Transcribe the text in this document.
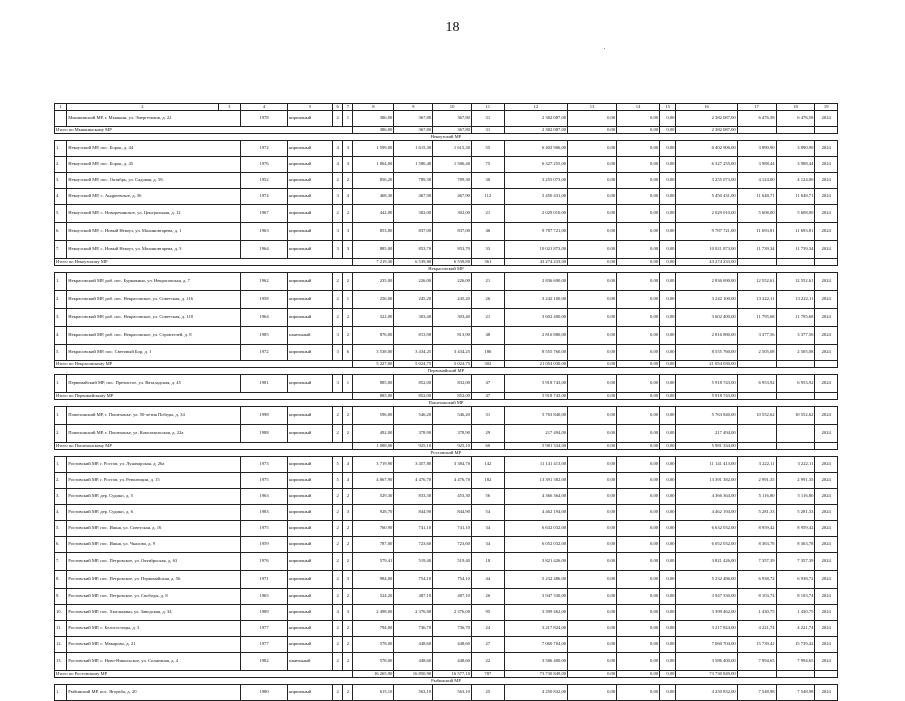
18
1	2	3	4	5	6	7	8	9	10	11	12	13	14	15	16	17	18	19
	Мышкинский МР, г. Мышкин, ул. Энергетиков, д. 22		1978	кирпичный	2	1	386,00	367,80	367,80	31	2 382 087,00	0,00	0,00	0,00	2 382 087,00	6 476,58	6 476,58	2024
Итого по Мышкинскому МР							386,00	367,80	367,80	31	2 382 087,00	0,00	0,00	0,00	2 382 087,00			
Некоузский МР																		
1.	Некоузский МР, пос. Борок, д. 44		1972	кирпичный	4	3	1 599,00	1 615,30	1 615,30	55	6 402 906,00	0,00	0,00	0,00	6 402 906,00	3 890,90	3 890,90	2024
2.	Некоузский МР, пос. Борок, д. 45		1976	кирпичный	4	3	1 864,00	1 586,40	1 586,40	75	6 327 255,00	0,00	0,00	0,00	6 327 255,00	3 988,44	3 988,44	2024
3.	Некоузский МР, пос. Октябрь, ул. Садовая, д. 59,		1952	кирпичный	2	2	856,20	789,30	789,30	30	3 255 073,00	0,00	0,00	0,00	3 255 073,00	4 124,00	4 124,00	2024
4.	Некоузский МР, с. Андреевское, д. 36		1974	кирпичный	3	4	468,30	467,90	467,90	112	5 450 431,00	0,00	0,00	0,00	5 450 431,00	11 648,71	11 648,71	2024
5.	Некоузский МР, с. Новоречинское, ул. Центральная, д. 12		1967	кирпичный	2	2	442,00	302,00	302,00	21	2 029 010,00	0,00	0,00	0,00	2 029 010,00	5 608,00	5 608,00	2024
6.	Некоузский МР, с. Новый Некоуз, ул. Малиновтарева, д. 1		1963	кирпичный	3	3	853,80	837,00	837,00	46	9 787 721,00	0,00	0,00	0,00	9 787 721,00	11 693,81	11 693,81	2024
7.	Некоузский МР, с. Новый Некоуз, ул. Малиновтарева, д. 3		1964	кирпичный	3	3	885,00	853,70	853,70	33	10 021 873,00	0,00	0,00	0,00	10 021 873,00	11 739,34	11 739,34	2024
Итого по Некоузскому МР							7 219,30	6 539,80	6 539,80	361	43 274 233,00	0,00	0,00	0,00	43 274 233,00			
Некрасовский МР																		
1.	Некрасовский МР, раб. пос. Бурмакино, ул. Некрасовская, д. 7		1962	кирпичный	2	2	235,00	226,00	226,00	21	2 836 690,00	0,00	0,00	0,00	2 836 690,00	12 552,61	12 552,61	2024
2.	Некрасовский МР, раб. пос. Некрасовское, ул. Советская, д. 116		1958	кирпичный	2	1	256,00	245,20	245,20	26	3 242 100,00	0,00	0,00	0,00	3 242 100,00	13 222,11	13 222,11	2024
3.	Некрасовский МР, раб. пос. Некрасовское, ул. Советская, д. 118		1964	кирпичный	2	2	322,00	303,40	303,40	21	3 602 400,00	0,00	0,00	0,00	3 602 400,00	11 795,68	11 795,68	2024
4.	Некрасовский МР, раб. пос. Некрасовское, ул. Строителей, д. 8		1985	панельный	3	2	876,00	813,90	813,90	48	2 816 880,00	0,00	0,00	0,00	2 816 880,00	3 377,56	3 377,56	2024
5.	Некрасовский МР, пос. Световый Бор, д. 1		1972	кирпичный	3	6	3 538,00	3 434,25	3 434,25	186	8 555 760,00	0,00	0,00	0,00	8 555 760,00	2 505,08	2 505,08	2024
Итого по Некрасовскому МР							5 227,00	5 024,75	5 024,75	302	21 054 030,00	0,00	0,00	0,00	21 054 030,00			
Первомайский МР																		
1.	Первомайский МР, пос. Пречистое, ул. Ваталадская, д. 45		1981	кирпичный	3	1	885,00	852,00	832,00	47	5 918 743,00	0,00	0,00	0,00	5 918 743,00	6 953,92	6 953,92	2024
Итого по Первомайскому МР							885,00	852,00	852,00	47	5 918 743,00	0,00	0,00	0,00	5 918 743,00			
Пошехонский МР																		
1.	Пошехонский МР, г. Пошехонье, ул. 50-летия Победы, д. 34		1998	кирпичный	2	2	596,00	546,20	546,20	31	5 763 840,00	0,00	0,00	0,00	5 763 840,00	10 552,62	10 552,62	2024
2.	Пошехонский МР, г. Пошехонье, ул. Комсомольская, д. 22а		1988	кирпичный	2	2	492,00	378,90	378,90	29	217 494,00	0,00	0,00	0,00	217 494,00			2024
Итого по Пошехонскому МР							1 088,00	925,10	925,10	60	5 981 334,00	0,00	0,00	0,00	5 981 334,00			
Ростовский МР																		
1.	Ростовский МР, г. Ростов, ул. Луначарская, д. 26а		1973	кирпичный	5	4	3 719,90	3 457,80	3 384,70	142	11 141 413,00	0,00	0,00	0,00	11 141 413,00	3 222,11	3 222,11	2024
2.	Ростовский МР, г. Ростов, ул. Революции, д. 15		1975	кирпичный	5	4	4 867,90	4 476,70	4 476,70	182	13 391 382,00	0,00	0,00	0,00	13 391 382,00	2 991,35	2 991,35	2024
3.	Ростовский МР, дер. Судино, д. 5		1963	кирпичный	2	2	529,30	833,30	453,30	56	4 366 364,00	0,00	0,00	0,00	4 366 364,00	5 116,80	5 116,80	2024
4.	Ростовский МР, дер. Судино, д. 6		1983	кирпичный	2	3	928,70	844,90	844,90	54	4 462 194,00	0,00	0,00	0,00	4 462 194,00	5 281,33	5 281,33	2024
5.	Ростовский МР, пос. Ишня, ул. Советская, д. 16		1975	кирпичный	2	2	760,90	741,10	741,10	34	6 632 032,00	0,00	0,00	0,00	6 632 032,00	8 959,42	8 959,42	2024
6.	Ростовский МР, пос. Ишня, ул. Чкалова, д. 9		1959	кирпичный	2	2	787,00	723,60	723,60	34	6 052 032,00	0,00	0,00	0,00	6 052 032,00	8 363,78	8 363,78	2024
7.	Ростовский МР, пос. Петровское, ул. Октябрьская, д. 63		1976	кирпичный	2	2	579,41	519,40	519,40	18	3 821 426,00	0,00	0,00	0,00	3 821 426,00	7 357,39	7 357,39	2024
8.	Ростовский МР, пос. Петровское, ул. Первомайская, д. 56		1971	кирпичный	2	3	984,00	754,10	754,10	44	5 232 486,00	0,00	0,00	0,00	5 232 486,00	6 938,72	6 938,72	2024
9.	Ростовский МР, пос. Петровское, ул. Свободы, д. 8		1965	кирпичный	2	2	524,20	487,10	487,10	26	3 947 330,00	0,00	0,00	0,00	3 947 330,00	8 103,74	8 103,74	2024
10.	Ростовский МР, пос. Хмельники, ул. Заводская, д. 34		1989	кирпичный	4	3	2 498,00	2 376,00	2 376,00	95	3 399 462,00	0,00	0,00	0,00	3 399 462,00	1 430,75	1 430,75	2024
11.	Ростовский МР, с. Белогостицы, д. 3		1977	кирпичный	2	2	794,00	736,70	736,70	24	3 217 824,00	0,00	0,00	0,00	3 217 824,00	4 221,74	4 221,74	2024
12.	Ростовский МР, с. Макарово, д. 21		1977	кирпичный	2	2	578,00	448,60	448,60	27	7 060 704,00	0,00	0,00	0,00	7 060 704,00	15 739,42	15 739,42	2024
13.	Ростовский МР, с. Ново-Никольское, ул. Солнечная, д. 4		1982	панельный	2	2	578,00	448,60	448,60	22	3 586 400,00	0,00	0,00	0,00	3 586 400,00	7 994,65	7 994,65	2024
Итого по Ростовскому МР							16 265,90	16 850,90	16 577,10	787	73 730 849,00	0,00	0,00	0,00	73 730 849,00			
Рыбинский МР																		
1.	Рыбинский МР, пос. Ягорьба, д. 20		1980	кирпичный	2	2	615,10	563,10	563,10	25	4 250 832,00	0,00	0,00	0,00	4 250 832,00	7 548,98	7 548,98	2024
